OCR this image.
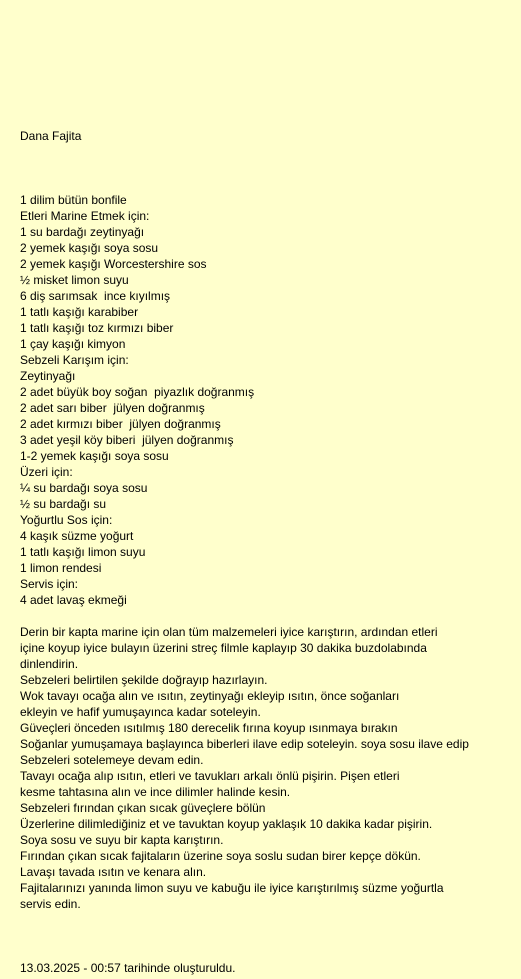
Dana Fajita
1 dilim bütün bonfile
Etleri Marine Etmek için:
1 su bardağı zeytinyağı
2 yemek kaşığı soya sosu
2 yemek kaşığı Worcestershire sos
½ misket limon suyu
6 diş sarımsak  ince kıyılmış
1 tatlı kaşığı karabiber
1 tatlı kaşığı toz kırmızı biber
1 çay kaşığı kimyon
Sebzeli Karışım için:
Zeytinyağı
2 adet büyük boy soğan  piyazlık doğranmış
2 adet sarı biber  jülyen doğranmış
2 adet kırmızı biber  jülyen doğranmış
3 adet yeşil köy biberi  jülyen doğranmış
1-2 yemek kaşığı soya sosu
Üzeri için:
¼ su bardağı soya sosu
½ su bardağı su
Yoğurtlu Sos için:
4 kaşık süzme yoğurt
1 tatlı kaşığı limon suyu
1 limon rendesi
Servis için:
4 adet lavaş ekmeği
Derin bir kapta marine için olan tüm malzemeleri iyice karıştırın, ardından etleri
içine koyup iyice bulayın üzerini streç filmle kaplayıp 30 dakika buzdolabında
dinlendirin.
Sebzeleri belirtilen şekilde doğrayıp hazırlayın.
Wok tavayı ocağa alın ve ısıtın, zeytinyağı ekleyip ısıtın, önce soğanları
ekleyin ve hafif yumuşayınca kadar soteleyin.
Güveçleri önceden ısıtılmış 180 derecelik fırına koyup ısınmaya bırakın
Soğanlar yumuşamaya başlayınca biberleri ilave edip soteleyin. soya sosu ilave edip
Sebzeleri sotelemeye devam edin.
Tavayı ocağa alıp ısıtın, etleri ve tavukları arkalı önlü pişirin. Pişen etleri
kesme tahtasına alın ve ince dilimler halinde kesin.
Sebzeleri fırından çıkan sıcak güveçlere bölün
Üzerlerine dilimlediğiniz et ve tavuktan koyup yaklaşık 10 dakika kadar pişirin.
Soya sosu ve suyu bir kapta karıştırın.
Fırından çıkan sıcak fajitaların üzerine soya soslu sudan birer kepçe dökün.
Lavaşı tavada ısıtın ve kenara alın.
Fajitalarınızı yanında limon suyu ve kabuğu ile iyice karıştırılmış süzme yoğurtla
servis edin.
13.03.2025 - 00:57 tarihinde oluşturuldu.
